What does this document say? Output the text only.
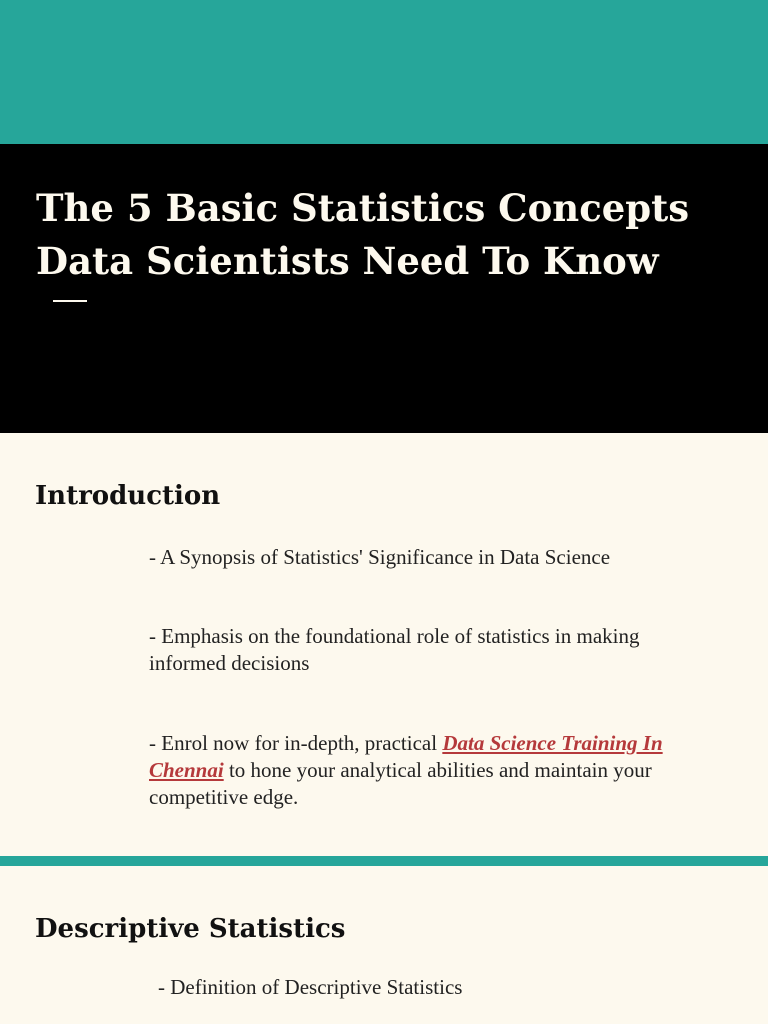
The 5 Basic Statistics Concepts
Data Scientists Need To Know
Introduction

- A Synopsis of Statistics' Significance in Data Science

- Emphasis on the foundational role of statistics in making
informed decisions

- Enrol now for in-depth, practical Data Science Training In
Chennai to hone your analytical abilities and maintain your
competitive edge.

Descriptive Statistics

- Definition of Descriptive Statistics
